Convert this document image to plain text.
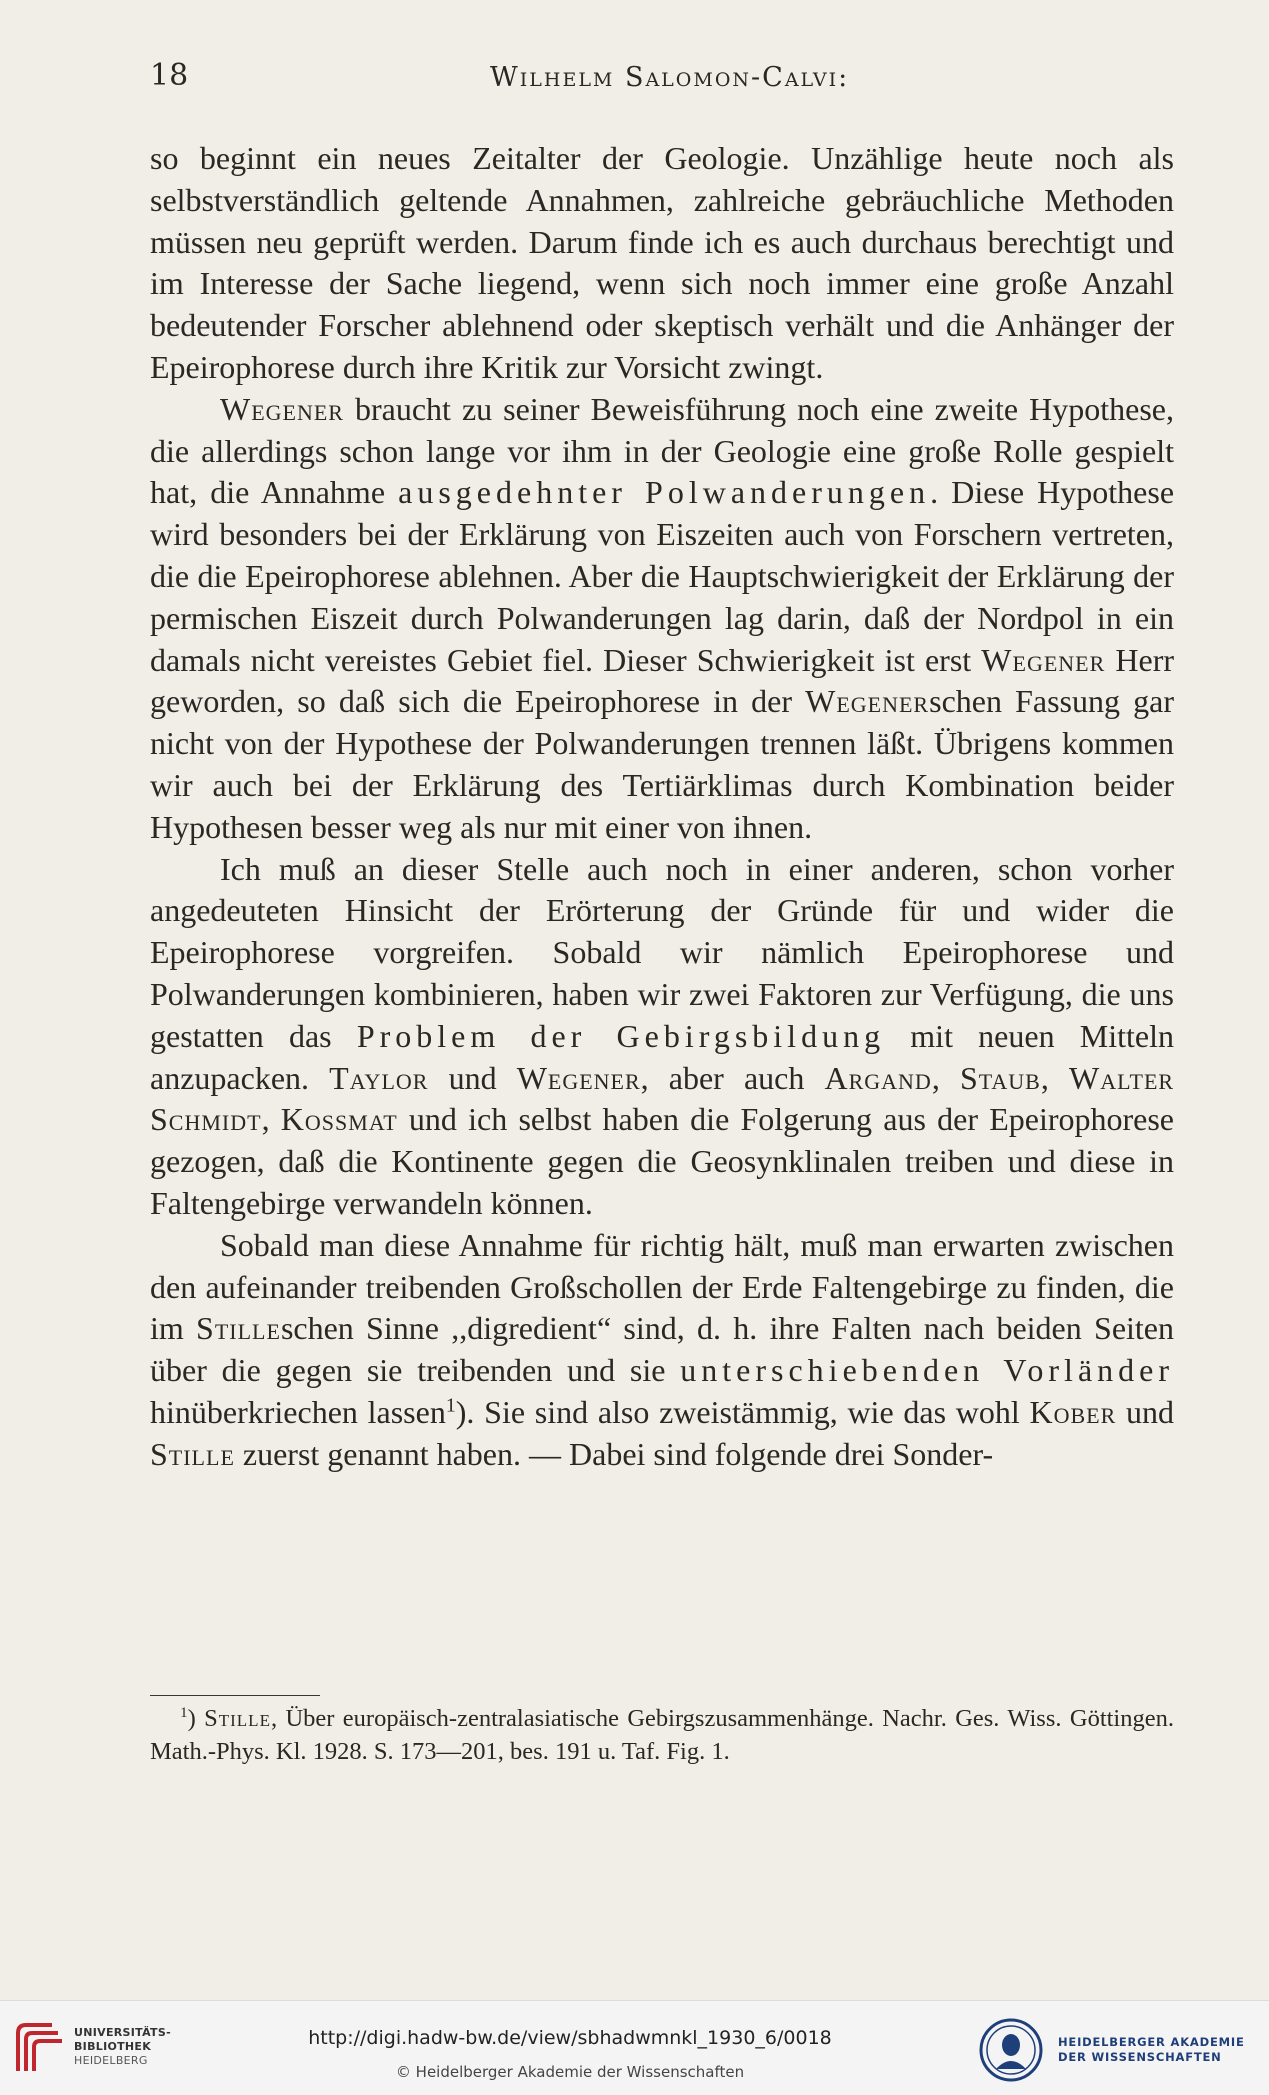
18	Wilhelm Salomon-Calvi:

so beginnt ein neues Zeitalter der Geologie. Unzählige heute noch als selbstverständlich geltende Annahmen, zahlreiche gebräuchliche Methoden müssen neu geprüft werden. Darum finde ich es auch durchaus berechtigt und im Interesse der Sache liegend, wenn sich noch immer eine große Anzahl bedeutender Forscher ablehnend oder skeptisch verhält und die Anhänger der Epeirophorese durch ihre Kritik zur Vorsicht zwingt.

Wegener braucht zu seiner Beweisführung noch eine zweite Hypothese, die allerdings schon lange vor ihm in der Geologie eine große Rolle gespielt hat, die Annahme ausgedehnter Polwanderungen. Diese Hypothese wird besonders bei der Erklärung von Eiszeiten auch von Forschern vertreten, die die Epeirophorese ablehnen. Aber die Hauptschwierigkeit der Erklärung der permischen Eiszeit durch Polwanderungen lag darin, daß der Nordpol in ein damals nicht vereistes Gebiet fiel. Dieser Schwierigkeit ist erst Wegener Herr geworden, so daß sich die Epeirophorese in der Wegenerschen Fassung gar nicht von der Hypothese der Polwanderungen trennen läßt. Übrigens kommen wir auch bei der Erklärung des Tertiärklimas durch Kombination beider Hypothesen besser weg als nur mit einer von ihnen.

Ich muß an dieser Stelle auch noch in einer anderen, schon vorher angedeuteten Hinsicht der Erörterung der Gründe für und wider die Epeirophorese vorgreifen. Sobald wir nämlich Epeirophorese und Polwanderungen kombinieren, haben wir zwei Faktoren zur Verfügung, die uns gestatten das Problem der Gebirgsbildung mit neuen Mitteln anzupacken. Taylor und Wegener, aber auch Argand, Staub, Walter Schmidt, Kossmat und ich selbst haben die Folgerung aus der Epeirophorese gezogen, daß die Kontinente gegen die Geosynklinalen treiben und diese in Faltengebirge verwandeln können.

Sobald man diese Annahme für richtig hält, muß man erwarten zwischen den aufeinander treibenden Großschollen der Erde Faltengebirge zu finden, die im Stilleschen Sinne ,,digredient“ sind, d. h. ihre Falten nach beiden Seiten über die gegen sie treibenden und sie unterschiebenden Vorländer hinüberkriechen lassen$^1$). Sie sind also zweistämmig, wie das wohl Kober und Stille zuerst genannt haben. — Dabei sind folgende drei Sonder-

$^1$) Stille, Über europäisch-zentralasiatische Gebirgszusammenhänge. Nachr. Ges. Wiss. Göttingen. Math.-Phys. Kl. 1928. S. 173—201, bes. 191 u. Taf. Fig. 1.

UNIVERSITÄTS-
BIBLIOTHEK
HEIDELBERG
http://digi.hadw-bw.de/view/sbhadwmnkl_1930_6/0018
© Heidelberger Akademie der Wissenschaften
HEIDELBERGER AKADEMIE
DER WISSENSCHAFTEN
